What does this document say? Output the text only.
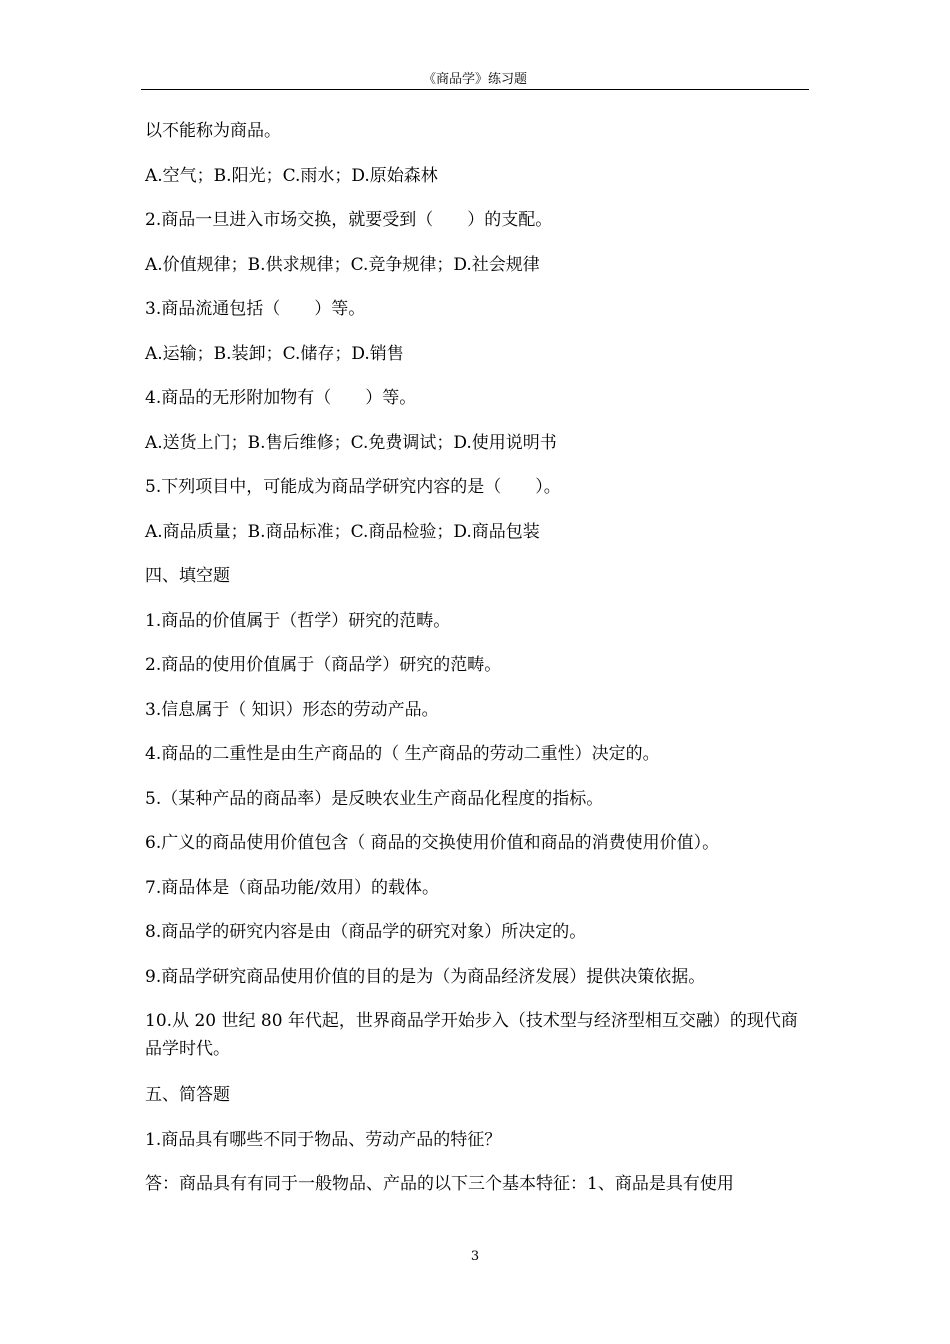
《商品学》练习题

以不能称为商品。

A.空气；B.阳光；C.雨水；D.原始森林

2.商品一旦进入市场交换，就要受到（　　）的支配。

A.价值规律；B.供求规律；C.竞争规律；D.社会规律

3.商品流通包括（　　）等。

A.运输；B.装卸；C.储存；D.销售

4.商品的无形附加物有（　　）等。

A.送货上门；B.售后维修；C.免费调试；D.使用说明书

5.下列项目中，可能成为商品学研究内容的是（　　）。

A.商品质量；B.商品标准；C.商品检验；D.商品包装

四、填空题

1.商品的价值属于（哲学）研究的范畴。

2.商品的使用价值属于（商品学）研究的范畴。

3.信息属于（ 知识）形态的劳动产品。

4.商品的二重性是由生产商品的（ 生产商品的劳动二重性）决定的。

5.（某种产品的商品率）是反映农业生产商品化程度的指标。

6.广义的商品使用价值包含（ 商品的交换使用价值和商品的消费使用价值）。

7.商品体是（商品功能/效用）的载体。

8.商品学的研究内容是由（商品学的研究对象）所决定的。

9.商品学研究商品使用价值的目的是为（为商品经济发展）提供决策依据。

10.从 20 世纪 80 年代起，世界商品学开始步入（技术型与经济型相互交融）的现代商品学时代。

五、简答题

1.商品具有哪些不同于物品、劳动产品的特征？

答：商品具有有同于一般物品、产品的以下三个基本特征：1、商品是具有使用

3
